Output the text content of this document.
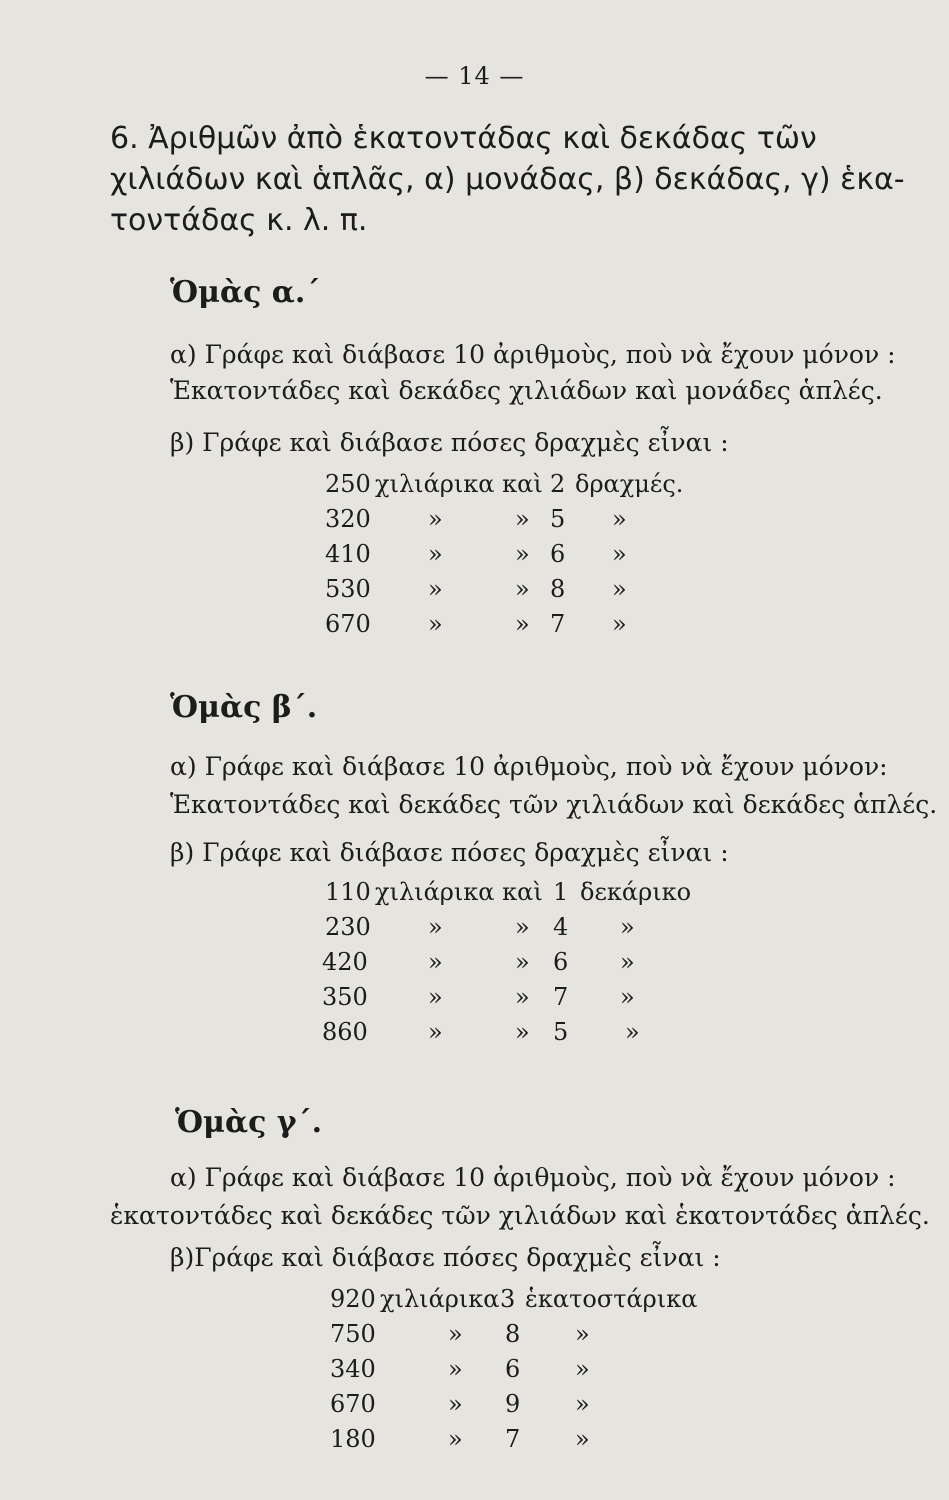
— 14 —
6. Ἀριθμῶν ἀπὸ ἑκατοντάδας καὶ δεκάδας τῶν
χιλιάδων καὶ ἁπλᾶς, α) μονάδας, β) δεκάδας, γ) ἑκα-
τοντάδας κ. λ. π.
Ὁμὰς α.´
α) Γράφε καὶ διάβασε 10 ἀριθμοὺς, ποὺ νὰ ἔχουν μόνον :
Ἑκατοντάδες καὶ δεκάδες χιλιάδων καὶ μονάδες ἁπλές.
β) Γράφε καὶ διάβασε πόσες δραχμὲς εἶναι :
250 χιλιάρικα καὶ 2 δραχμές.
320 »	» 5 »
410 »	» 6 »
530 »	» 8 »
670 »	» 7 »
Ὁμὰς β´.
α) Γράφε καὶ διάβασε 10 ἀριθμοὺς, ποὺ νὰ ἔχουν μόνον:
Ἑκατοντάδες καὶ δεκάδες τῶν χιλιάδων καὶ δεκάδες ἁπλές.
β) Γράφε καὶ διάβασε πόσες δραχμὲς εἶναι :
110 χιλιάρικα καὶ 1 δεκάρικο
230 »	» 4 »
420	»	» 6 »
350	»	» 7 »
860	»	» 5 »
Ὁμὰς γ´.
α) Γράφε καὶ διάβασε 10 ἀριθμοὺς, ποὺ νὰ ἔχουν μόνον :
ἑκατοντάδες καὶ δεκάδες τῶν χιλιάδων καὶ ἑκατοντάδες ἁπλές.
β)Γράφε καὶ διάβασε πόσες δραχμὲς εἶναι :
920 χιλιάρικα 3 ἑκατοστάρικα
750	» 8 »
340	» 6 »
670	» 9 »
180	» 7 »
